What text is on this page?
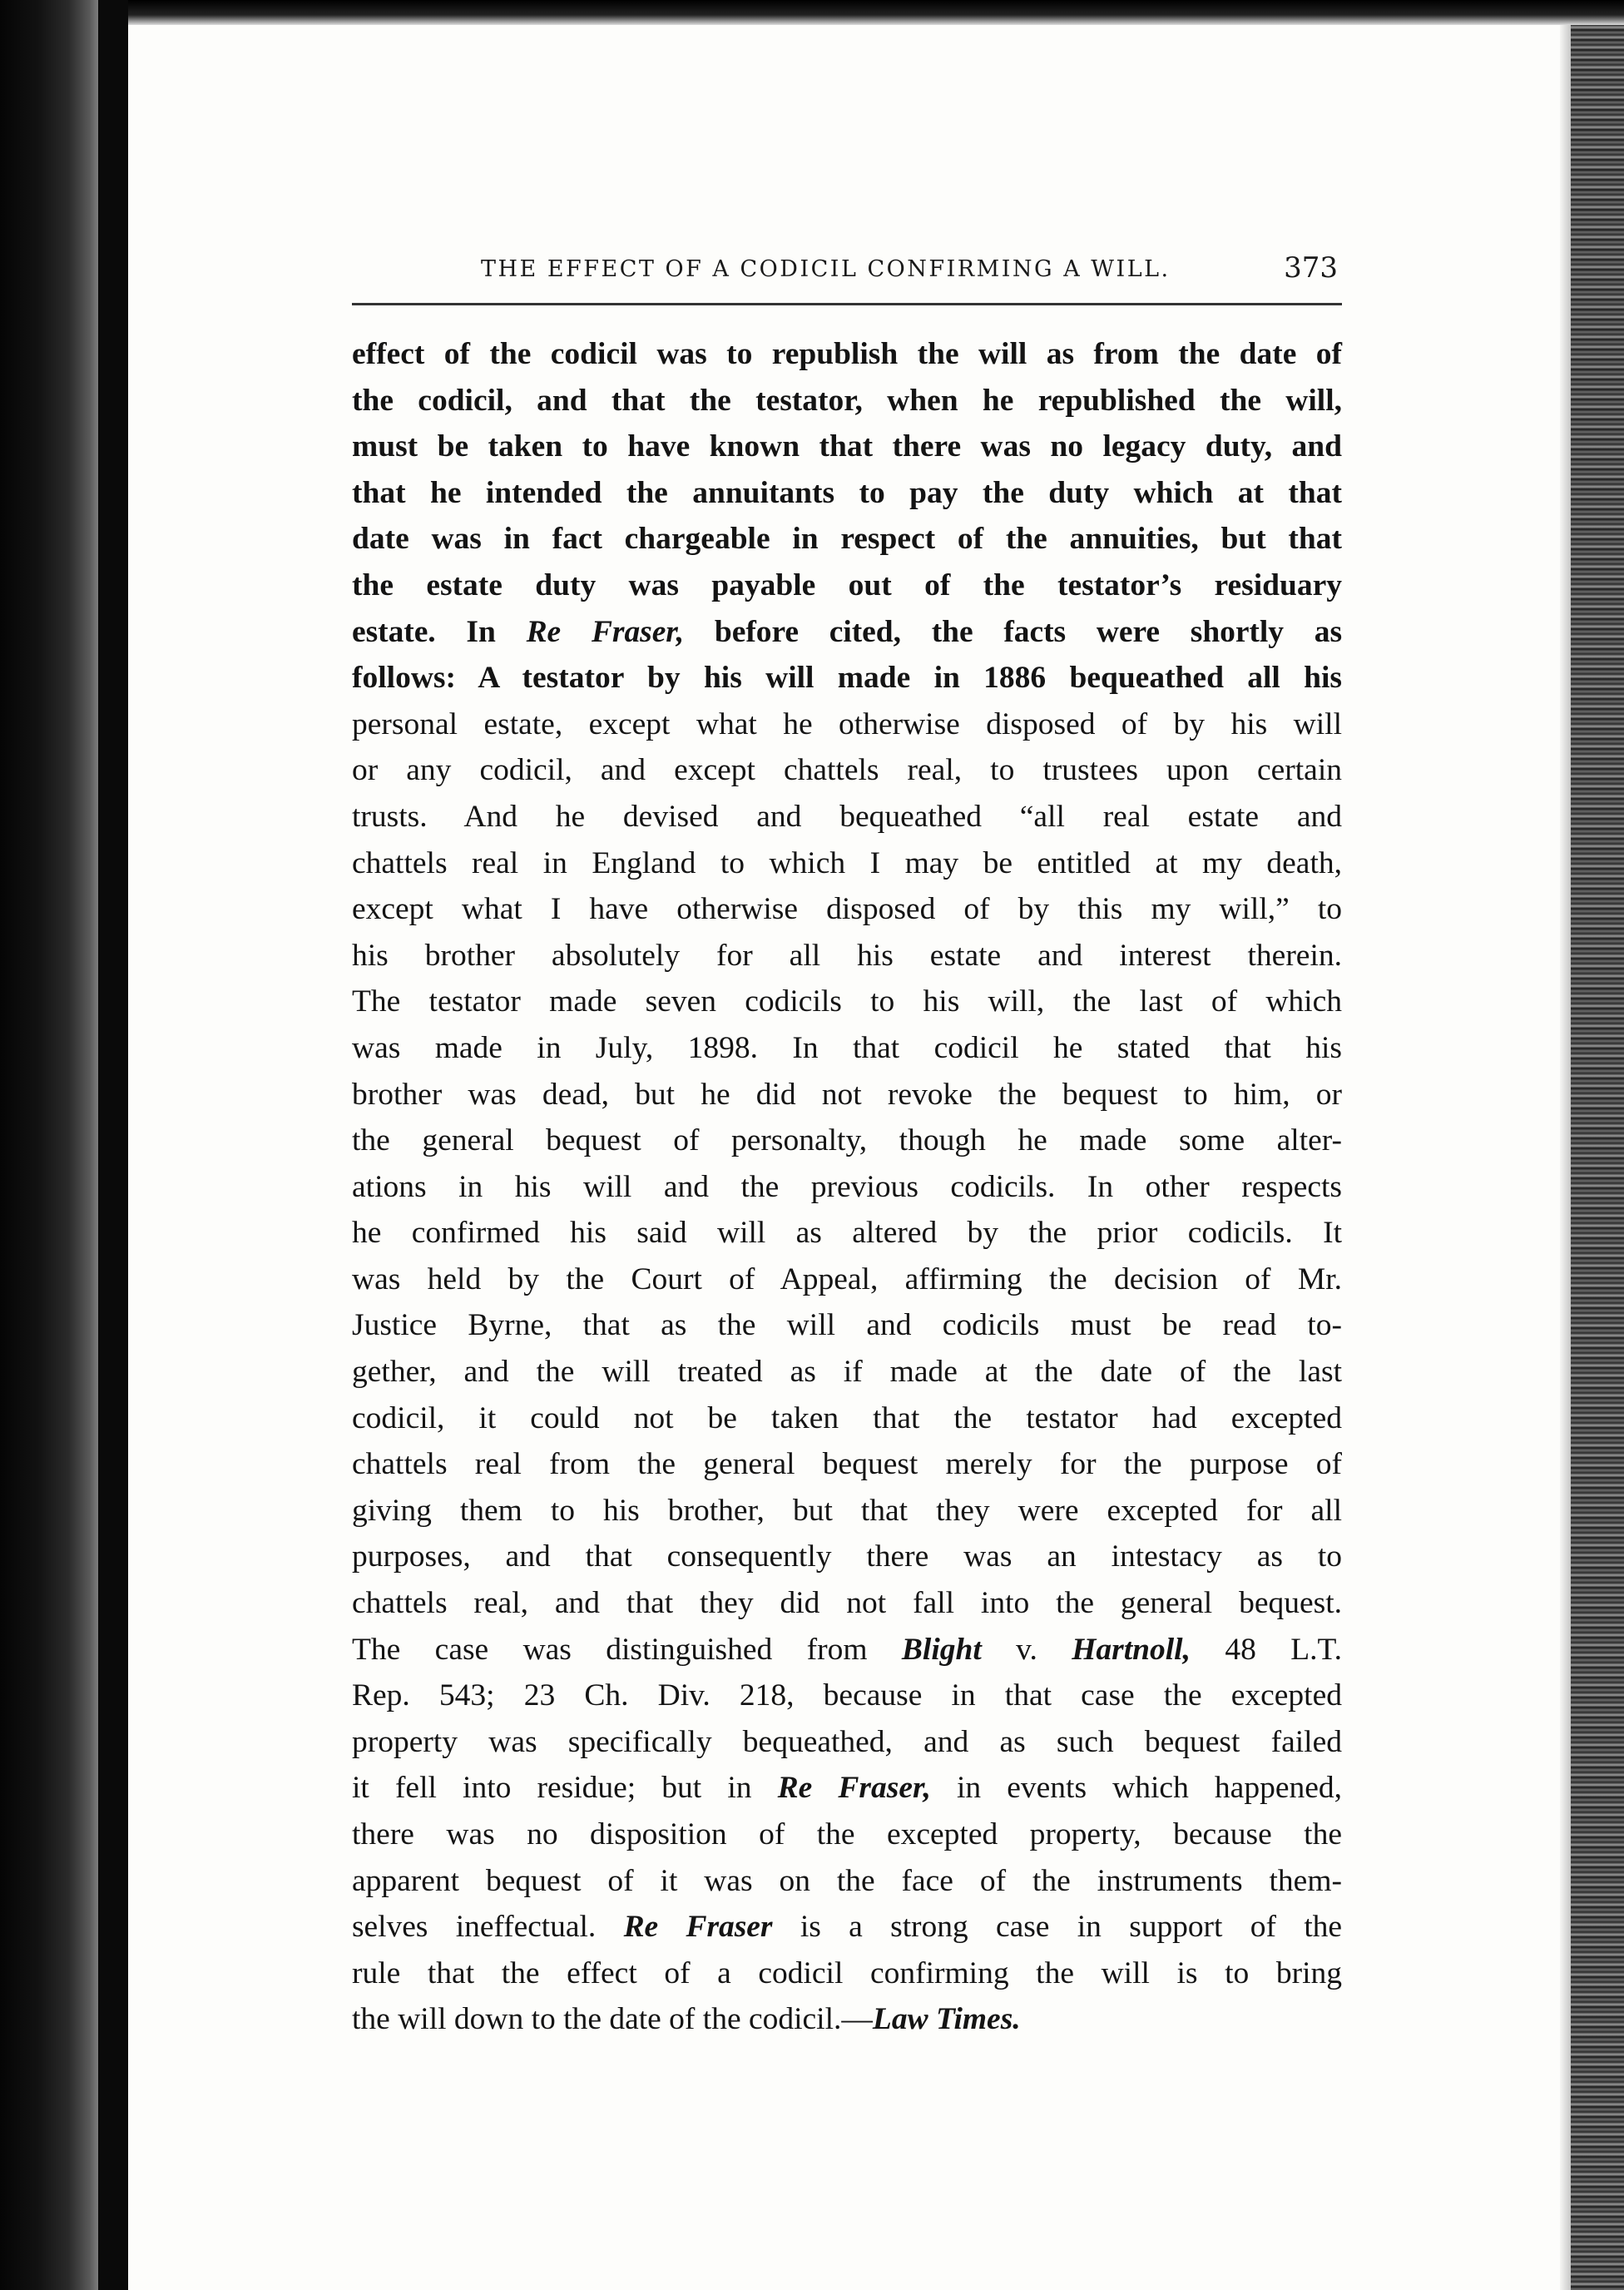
THE EFFECT OF A CODICIL CONFIRMING A WILL.	373
effect of the codicil was to republish the will as from the date of
the codicil, and that the testator, when he republished the will,
must be taken to have known that there was no legacy duty, and
that he intended the annuitants to pay the duty which at that
date was in fact chargeable in respect of the annuities, but that
the estate duty was payable out of the testator’s residuary
estate. In Re Fraser, before cited, the facts were shortly as
follows: A testator by his will made in 1886 bequeathed all his
personal estate, except what he otherwise disposed of by his will
or any codicil, and except chattels real, to trustees upon certain
trusts. And he devised and bequeathed “all real estate and
chattels real in England to which I may be entitled at my death,
except what I have otherwise disposed of by this my will,” to
his brother absolutely for all his estate and interest therein.
The testator made seven codicils to his will, the last of which
was made in July, 1898. In that codicil he stated that his
brother was dead, but he did not revoke the bequest to him, or
the general bequest of personalty, though he made some alter-
ations in his will and the previous codicils. In other respects
he confirmed his said will as altered by the prior codicils. It
was held by the Court of Appeal, affirming the decision of Mr.
Justice Byrne, that as the will and codicils must be read to-
gether, and the will treated as if made at the date of the last
codicil, it could not be taken that the testator had excepted
chattels real from the general bequest merely for the purpose of
giving them to his brother, but that they were excepted for all
purposes, and that consequently there was an intestacy as to
chattels real, and that they did not fall into the general bequest.
The case was distinguished from Blight v. Hartnoll, 48 L.T.
Rep. 543; 23 Ch. Div. 218, because in that case the excepted
property was specifically bequeathed, and as such bequest failed
it fell into residue; but in Re Fraser, in events which happened,
there was no disposition of the excepted property, because the
apparent bequest of it was on the face of the instruments them-
selves ineffectual. Re Fraser is a strong case in support of the
rule that the effect of a codicil confirming the will is to bring
the will down to the date of the codicil.—Law Times.
